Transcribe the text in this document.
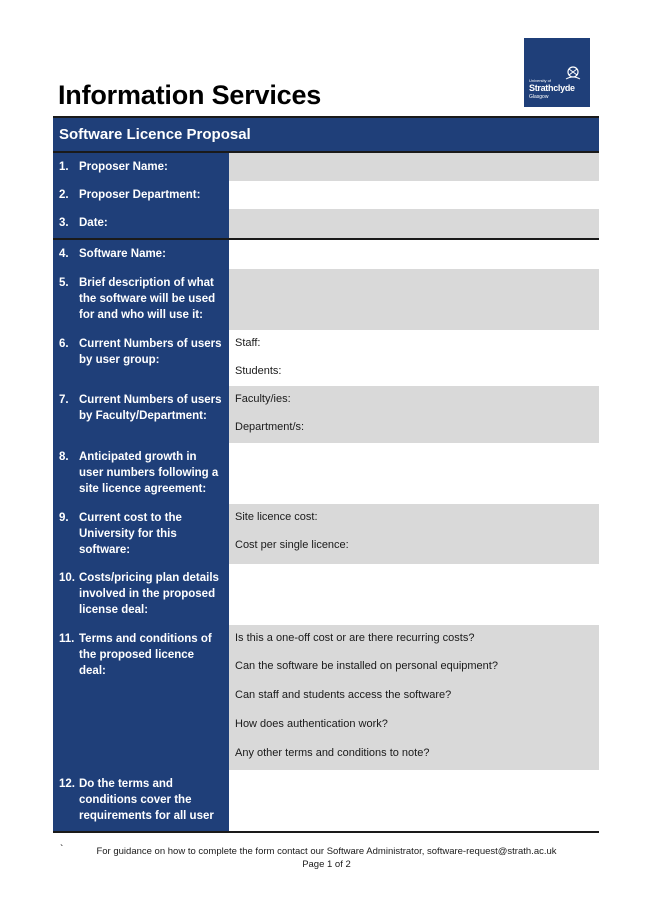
University of
Strathclyde
Glasgow
Information Services
Software Licence Proposal
1. Proposer Name:
2. Proposer Department:
3. Date:
4. Software Name:
5. Brief description of what the software will be used for and who will use it:
6. Current Numbers of users by user group:
Staff:
Students:
7. Current Numbers of users by Faculty/Department:
Faculty/ies:
Department/s:
8. Anticipated growth in user numbers following a site licence agreement:
9. Current cost to the University for this software:
Site licence cost:
Cost per single licence:
10. Costs/pricing plan details involved in the proposed license deal:
11. Terms and conditions of the proposed licence deal:
Is this a one-off cost or are there recurring costs?
Can the software be installed on personal equipment?
Can staff and students access the software?
How does authentication work?
Any other terms and conditions to note?
12. Do the terms and conditions cover the requirements for all user
`	For guidance on how to complete the form contact our Software Administrator, software-request@strath.ac.uk
Page 1 of 2
